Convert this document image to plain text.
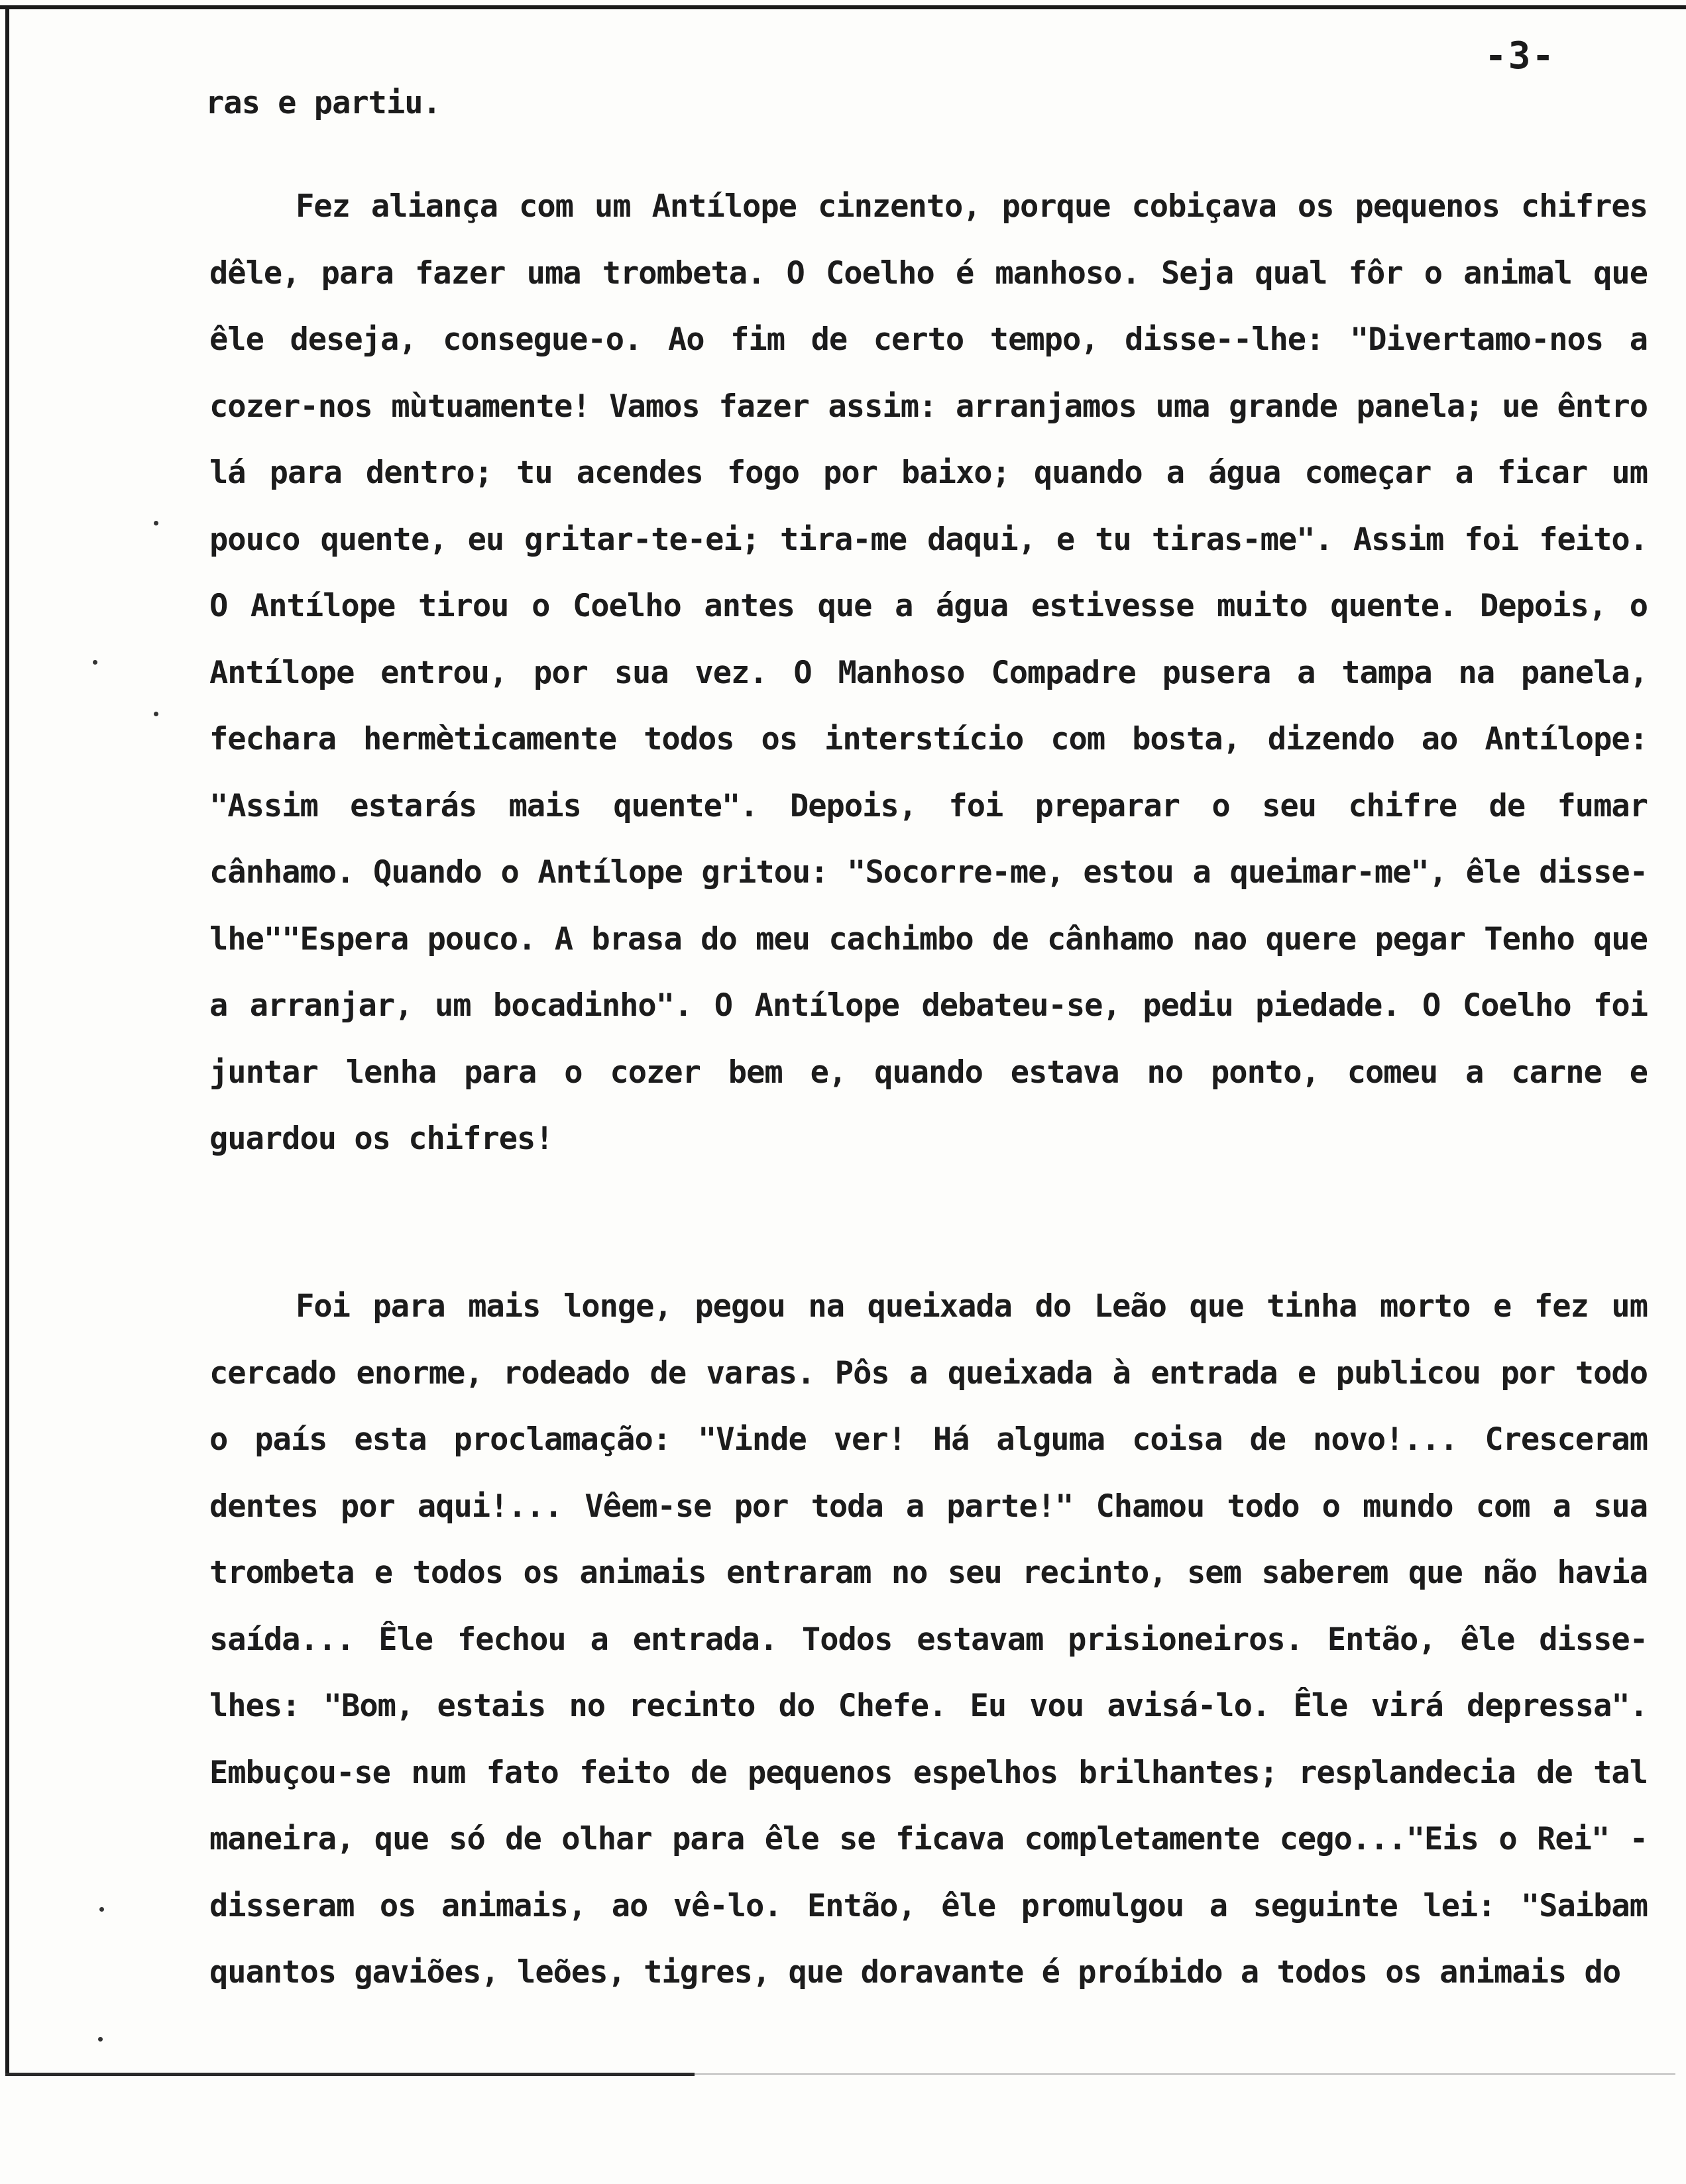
-3-
ras e partiu.
Fez aliança com um Antílope cinzento, porque cobiçava os pequenos chifres dêle, para fazer uma trombeta. O Coelho é manhoso. Seja qual fôr o animal que êle deseja, consegue-o. Ao fim de certo tempo, disse--lhe: "Divertamo-nos a cozer-nos mùtuamente! Vamos fazer assim: arranjamos uma grande panela; ue êntro lá para dentro; tu acendes fogo por baixo; quando a água começar a ficar um pouco quente, eu gritar-te-ei; tira-me daqui, e tu tiras-me". Assim foi feito. O Antílope tirou o Coelho antes que a água estivesse muito quente. Depois, o Antílope entrou, por sua vez. O Manhoso Compadre pusera a tampa na panela, fechara hermèticamente todos os interstício com bosta, dizendo ao Antílope: "Assim estarás mais quente". Depois, foi preparar o seu chifre de fumar cânhamo. Quando o Antílope gritou: "Socorre-me, estou a queimar-me", êle disse-lhe""Espera pouco. A brasa do meu cachimbo de cânhamo nao quere pegar Tenho que a arranjar, um bocadinho". O Antílope debateu-se, pediu piedade. O Coelho foi juntar lenha para o cozer bem e, quando estava no ponto, comeu a carne e guardou os chifres!
Foi para mais longe, pegou na queixada do Leão que tinha morto e fez um cercado enorme, rodeado de varas. Pôs a queixada à entrada e publicou por todo o país esta proclamação: "Vinde ver! Há alguma coisa de novo!... Cresceram dentes por aqui!... Vêem-se por toda a parte!" Chamou todo o mundo com a sua trombeta e todos os animais entraram no seu recinto, sem saberem que não havia saída... Êle fechou a entrada. Todos estavam prisioneiros. Então, êle disse-lhes: "Bom, estais no recinto do Chefe. Eu vou avisá-lo. Êle virá depressa". Embuçou-se num fato feito de pequenos espelhos brilhantes; resplandecia de tal maneira, que só de olhar para êle se ficava completamente cego..."Eis o Rei" - disseram os animais, ao vê-lo. Então, êle promulgou a seguinte lei: "Saibam quantos gaviões, leões, tigres, que doravante é proíbido a todos os animais do
